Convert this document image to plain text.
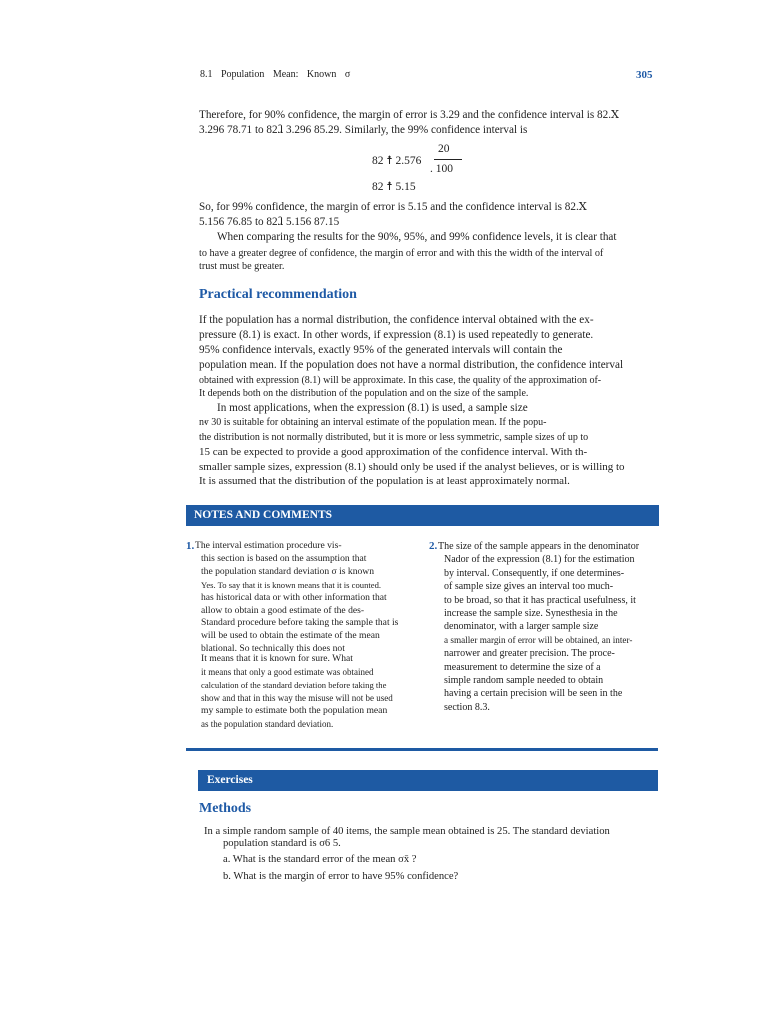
8.1 Population Mean: Known σ	305
Therefore, for 90% confidence, the margin of error is 3.29 and the confidence interval is 82.Ⅹ
3.296 78.71 to 82ⱹ 3.296 85.29. Similarly, the 99% confidence interval is
82 ☨ 2.576
20
. 100
82 ☨ 5.15
So, for 99% confidence, the margin of error is 5.15 and the confidence interval is 82.Ⅹ
5.156 76.85 to 82ⱹ 5.156 87.15
When comparing the results for the 90%, 95%, and 99% confidence levels, it is clear that
to have a greater degree of confidence, the margin of error and with this the width of the interval of
trust must be greater.
Practical recommendation
If the population has a normal distribution, the confidence interval obtained with the ex-
pressure (8.1) is exact. In other words, if expression (8.1) is used repeatedly to generate.
95% confidence intervals, exactly 95% of the generated intervals will contain the
population mean. If the population does not have a normal distribution, the confidence interval
obtained with expression (8.1) will be approximate. In this case, the quality of the approximation of-
It depends both on the distribution of the population and on the size of the sample.
In most applications, when the expression (8.1) is used, a sample size
nⱴ 30 is suitable for obtaining an interval estimate of the population mean. If the popu-
the distribution is not normally distributed, but it is more or less symmetric, sample sizes of up to
15 can be expected to provide a good approximation of the confidence interval. With th-
smaller sample sizes, expression (8.1) should only be used if the analyst believes, or is willing to
It is assumed that the distribution of the population is at least approximately normal.
NOTES AND COMMENTS
1. The interval estimation procedure vis-
this section is based on the assumption that
the population standard deviation σ is known
Yes. To say that it is known means that it is counted.
has historical data or with other information that
allow to obtain a good estimate of the des-
Standard procedure before taking the sample that is
will be used to obtain the estimate of the mean
blational. So technically this does not
It means that it is known for sure. What
it means that only a good estimate was obtained
calculation of the standard deviation before taking the
show and that in this way the misuse will not be used
my sample to estimate both the population mean
as the population standard deviation.
2. The size of the sample appears in the denominator
Nador of the expression (8.1) for the estimation
by interval. Consequently, if one determines-
of sample size gives an interval too much-
to be broad, so that it has practical usefulness, it
increase the sample size. Synesthesia in the
denominator, with a larger sample size
a smaller margin of error will be obtained, an inter-
narrower and greater precision. The proce-
measurement to determine the size of a
simple random sample needed to obtain
having a certain precision will be seen in the
section 8.3.
Exercises
Methods
In a simple random sample of 40 items, the sample mean obtained is 25. The standard deviation
population standard is σ6 5.
a. What is the standard error of the mean σx̄ ?
b. What is the margin of error to have 95% confidence?
